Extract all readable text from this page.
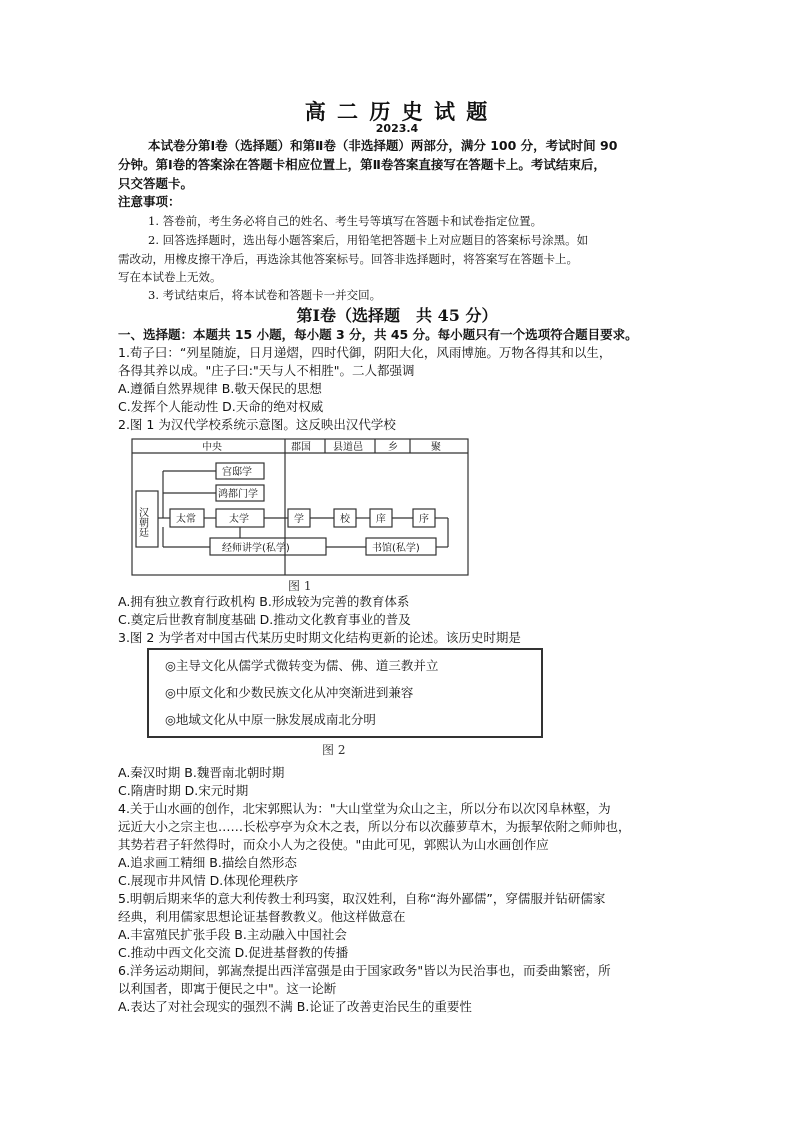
高 二 历 史 试 题
2023.4
本试卷分第Ⅰ卷（选择题）和第Ⅱ卷（非选择题）两部分，满分 100 分，考试时间 90
分钟。第Ⅰ卷的答案涂在答题卡相应位置上，第Ⅱ卷答案直接写在答题卡上。考试结束后，
只交答题卡。
注意事项：
1. 答卷前，考生务必将自己的姓名、考生号等填写在答题卡和试卷指定位置。
2. 回答选择题时，选出每小题答案后，用铅笔把答题卡上对应题目的答案标号涂黑。如
需改动，用橡皮擦干净后，再选涂其他答案标号。回答非选择题时，将答案写在答题卡上。
写在本试卷上无效。
3. 考试结束后，将本试卷和答题卡一并交回。
第Ⅰ卷（选择题　共 45 分）
一、选择题：本题共 15 小题，每小题 3 分，共 45 分。每小题只有一个选项符合题目要求。
1.荀子曰：“列星随旋，日月递熠，四时代御，阴阳大化，风雨博施。万物各得其和以生，
各得其养以成。"庄子曰:"天与人不相胜"。二人都强调
A.遵循自然界规律 B.敬天保民的思想
C.发挥个人能动性 D.天命的绝对权威
2.图 1 为汉代学校系统示意图。这反映出汉代学校
中央	郡国 县道邑	乡	聚
宫邸学
鸿都门学
太常	太学	学	校	庠	序
经师讲学(私学)	书馆(私学)
汉朝廷
图 1
A.拥有独立教育行政机构 B.形成较为完善的教育体系
C.奠定后世教育制度基础 D.推动文化教育事业的普及
3.图 2 为学者对中国古代某历史时期文化结构更新的论述。该历史时期是
◎主导文化从儒学式微转变为儒、佛、道三教并立
◎中原文化和少数民族文化从冲突渐进到兼容
◎地域文化从中原一脉发展成南北分明
图 2
A.秦汉时期 B.魏晋南北朝时期
C.隋唐时期 D.宋元时期
4.关于山水画的创作，北宋郭熙认为："大山堂堂为众山之主，所以分布以次冈阜林壑，为
远近大小之宗主也……长松亭亭为众木之表，所以分布以次藤萝草木，为振挈依附之师帅也，
其势若君子轩然得时，而众小人为之役使。"由此可见，郭熙认为山水画创作应
A.追求画工精细 B.描绘自然形态
C.展现市井风情 D.体现伦理秩序
5.明朝后期来华的意大利传教士利玛窦，取汉姓利，自称“海外鄙儒”，穿儒服并钻研儒家
经典，利用儒家思想论证基督教教义。他这样做意在
A.丰富殖民扩张手段 B.主动融入中国社会
C.推动中西文化交流 D.促进基督教的传播
6.洋务运动期间，郭嵩焘提出西洋富强是由于国家政务"皆以为民治事也，而委曲繁密，所
以利国者，即寓于便民之中"。这一论断
A.表达了对社会现实的强烈不满 B.论证了改善吏治民生的重要性
